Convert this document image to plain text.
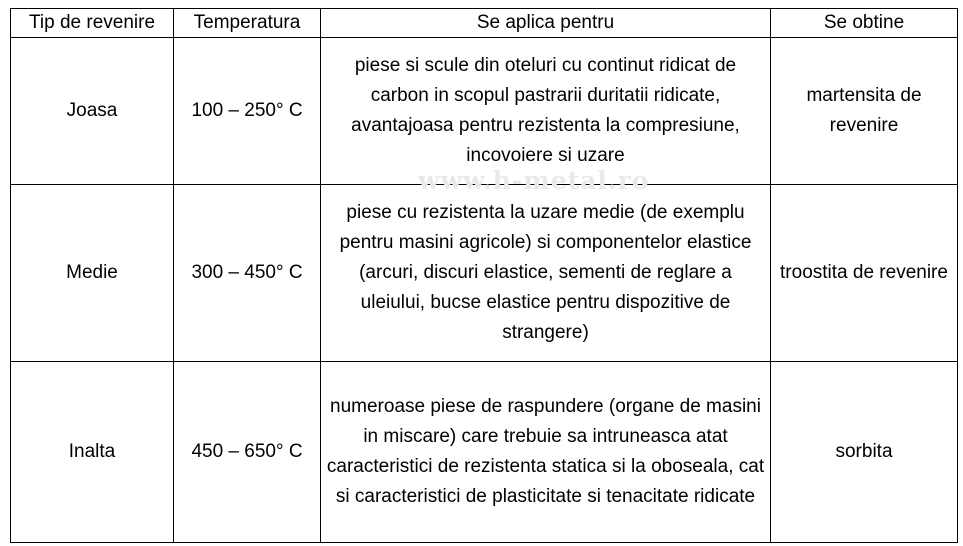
Tip de revenire	Temperatura	Se aplica pentru	Se obtine
Joasa	100 – 250° C	piese si scule din oteluri cu continut ridicat de carbon in scopul pastrarii duritatii ridicate, avantajoasa pentru rezistenta la compresiune, incovoiere si uzare	martensita de revenire
Medie	300 – 450° C	piese cu rezistenta la uzare medie (de exemplu pentru masini agricole) si componentelor elastice (arcuri, discuri elastice, sementi de reglare a uleiului, bucse elastice pentru dispozitive de strangere)	troostita de revenire
Inalta	450 – 650° C	numeroase piese de raspundere (organe de masini in miscare) care trebuie sa intruneasca atat caracteristici de rezistenta statica si la oboseala, cat si caracteristici de plasticitate si tenacitate ridicate	sorbita
www.h-metal.ro
